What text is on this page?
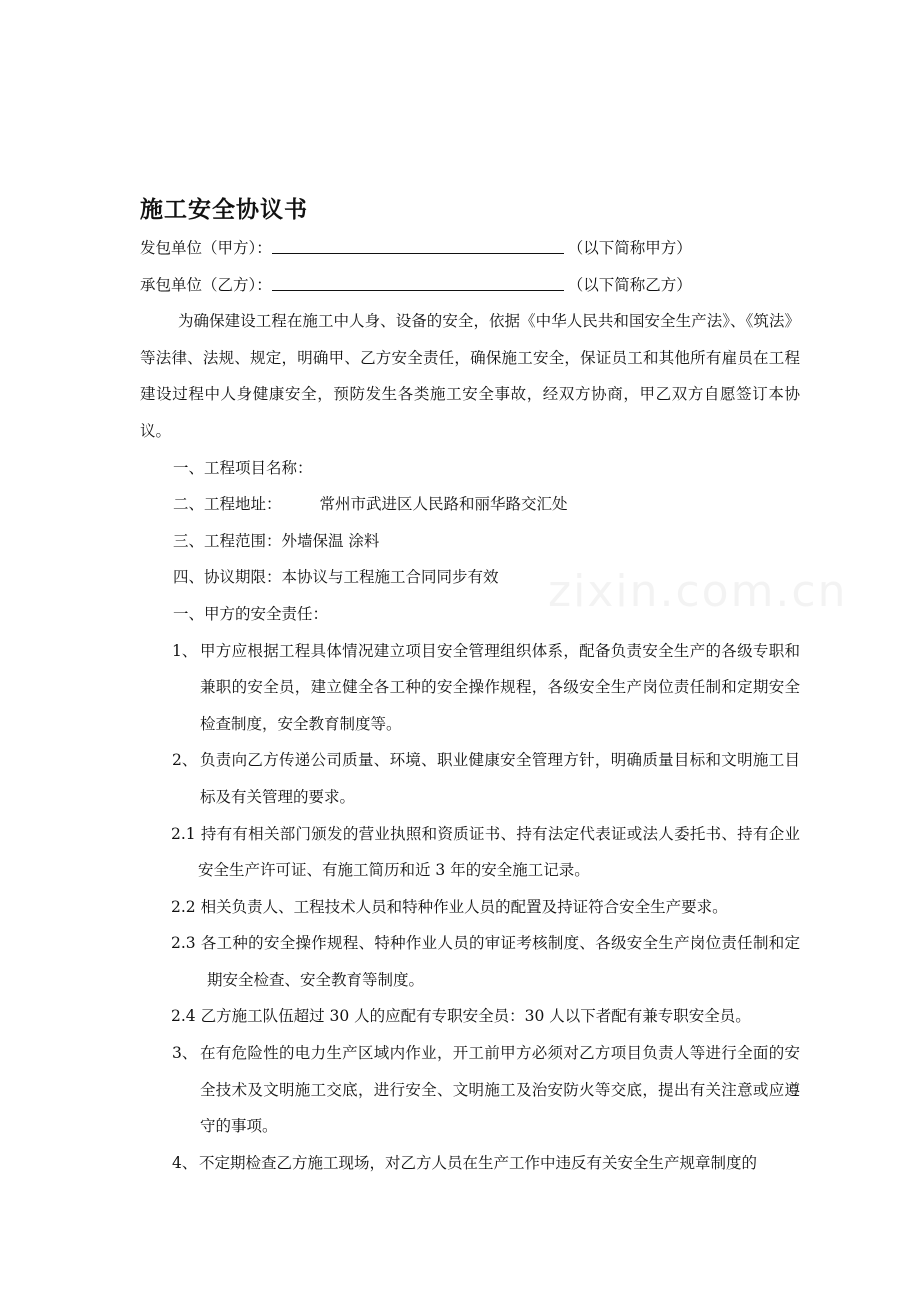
zixin.com.cn
施工安全协议书
发包单位（甲方）：	（以下简称甲方）
承包单位（乙方）：	（以下简称乙方）

为确保建设工程在施工中人身、设备的安全，依据《中华人民共和国安全生产法》、《筑法》等法律、法规、规定，明确甲、乙方安全责任，确保施工安全，保证员工和其他所有雇员在工程建设过程中人身健康安全，预防发生各类施工安全事故，经双方协商，甲乙双方自愿签订本协议。

一、工程项目名称：
二、工程地址： 常州市武进区人民路和丽华路交汇处
三、工程范围：外墙保温 涂料
四、协议期限：本协议与工程施工合同同步有效
一、甲方的安全责任：
1、 甲方应根据工程具体情况建立项目安全管理组织体系，配备负责安全生产的各级专职和兼职的安全员，建立健全各工种的安全操作规程，各级安全生产岗位责任制和定期安全检查制度，安全教育制度等。
2、 负责向乙方传递公司质量、环境、职业健康安全管理方针，明确质量目标和文明施工目标及有关管理的要求。
2.1 持有有相关部门颁发的营业执照和资质证书、持有法定代表证或法人委托书、持有企业安全生产许可证、有施工简历和近 3 年的安全施工记录。
2.2 相关负责人、工程技术人员和特种作业人员的配置及持证符合安全生产要求。
2.3 各工种的安全操作规程、特种作业人员的审证考核制度、各级安全生产岗位责任制和定期安全检查、安全教育等制度。
2.4 乙方施工队伍超过 30 人的应配有专职安全员：30 人以下者配有兼专职安全员。
3、 在有危险性的电力生产区域内作业，开工前甲方必须对乙方项目负责人等进行全面的安全技术及文明施工交底，进行安全、文明施工及治安防火等交底，提出有关注意或应遵守的事项。
4、 不定期检查乙方施工现场，对乙方人员在生产工作中违反有关安全生产规章制度的
